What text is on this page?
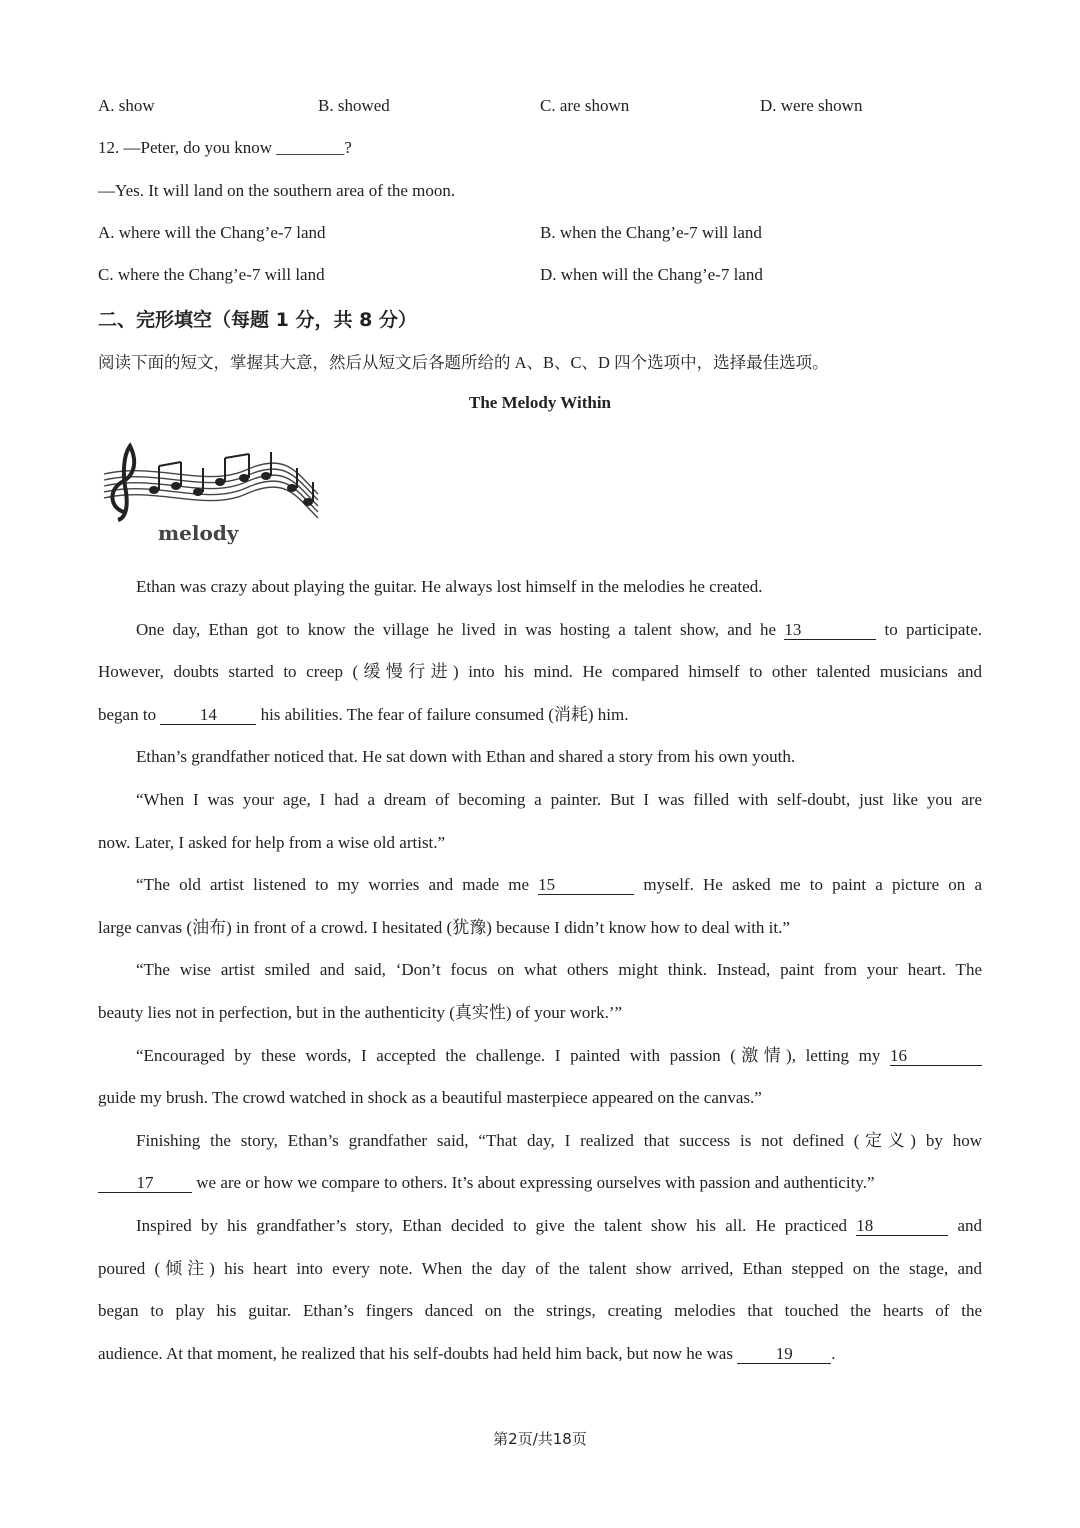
A. show	B. showed	C. are shown	D. were shown
12. —Peter, do you know ________?
—Yes. It will land on the southern area of the moon.
A. where will the Chang’e-7 land	B. when the Chang’e-7 will land
C. where the Chang’e-7 will land	D. when will the Chang’e-7 land
二、完形填空（每题 1 分，共 8 分）
阅读下面的短文，掌握其大意，然后从短文后各题所给的 A、B、C、D 四个选项中，选择最佳选项。
The Melody Within
melody
Ethan was crazy about playing the guitar. He always lost himself in the melodies he created.
One day, Ethan got to know the village he lived in was hosting a talent show, and he 13	to participate.
However, doubts started to creep (缓慢行进) into his mind. He compared himself to other talented musicians and
began to	14	his abilities. The fear of failure consumed (消耗) him.
Ethan’s grandfather noticed that. He sat down with Ethan and shared a story from his own youth.
“When I was your age, I had a dream of becoming a painter. But I was filled with self-doubt, just like you are
now. Later, I asked for help from a wise old artist.”
“The old artist listened to my worries and made me 15	myself. He asked me to paint a picture on a
large canvas (油布) in front of a crowd. I hesitated (犹豫) because I didn’t know how to deal with it.”
“The wise artist smiled and said, ‘Don’t focus on what others might think. Instead, paint from your heart. The
beauty lies not in perfection, but in the authenticity (真实性) of your work.’”
“Encouraged by these words, I accepted the challenge. I painted with passion (激情), letting my 16
guide my brush. The crowd watched in shock as a beautiful masterpiece appeared on the canvas.”
Finishing the story, Ethan’s grandfather said, “That day, I realized that success is not defined (定义) by how
17	we are or how we compare to others. It’s about expressing ourselves with passion and authenticity.”
Inspired by his grandfather’s story, Ethan decided to give the talent show his all. He practiced 18	and
poured (倾注) his heart into every note. When the day of the talent show arrived, Ethan stepped on the stage, and
began to play his guitar. Ethan’s fingers danced on the strings, creating melodies that touched the hearts of the
audience. At that moment, he realized that his self-doubts had held him back, but now he was	19 .
第2页/共18页
